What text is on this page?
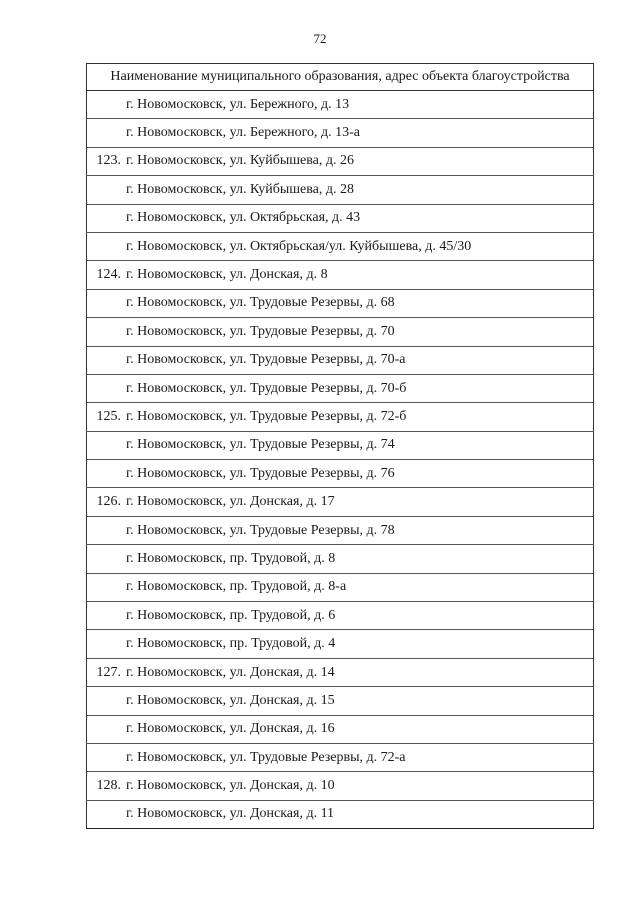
72
Наименование муниципального образования, адрес объекта благоустройства

г. Новомосковск, ул. Бережного, д. 13

г. Новомосковск, ул. Бережного, д. 13-а

123. г. Новомосковск, ул. Куйбышева, д. 26

г. Новомосковск, ул. Куйбышева, д. 28

г. Новомосковск, ул. Октябрьская, д. 43

г. Новомосковск, ул. Октябрьская/ул. Куйбышева, д. 45/30

124. г. Новомосковск, ул. Донская, д. 8

г. Новомосковск, ул. Трудовые Резервы, д. 68

г. Новомосковск, ул. Трудовые Резервы, д. 70

г. Новомосковск, ул. Трудовые Резервы, д. 70-а

г. Новомосковск, ул. Трудовые Резервы, д. 70-б

125. г. Новомосковск, ул. Трудовые Резервы, д. 72-б

г. Новомосковск, ул. Трудовые Резервы, д. 74

г. Новомосковск, ул. Трудовые Резервы, д. 76

126. г. Новомосковск, ул. Донская, д. 17

г. Новомосковск, ул. Трудовые Резервы, д. 78

г. Новомосковск, пр. Трудовой, д. 8

г. Новомосковск, пр. Трудовой, д. 8-а

г. Новомосковск, пр. Трудовой, д. 6

г. Новомосковск, пр. Трудовой, д. 4

127. г. Новомосковск, ул. Донская, д. 14

г. Новомосковск, ул. Донская, д. 15

г. Новомосковск, ул. Донская, д. 16

г. Новомосковск, ул. Трудовые Резервы, д. 72-а

128. г. Новомосковск, ул. Донская, д. 10

г. Новомосковск, ул. Донская, д. 11
